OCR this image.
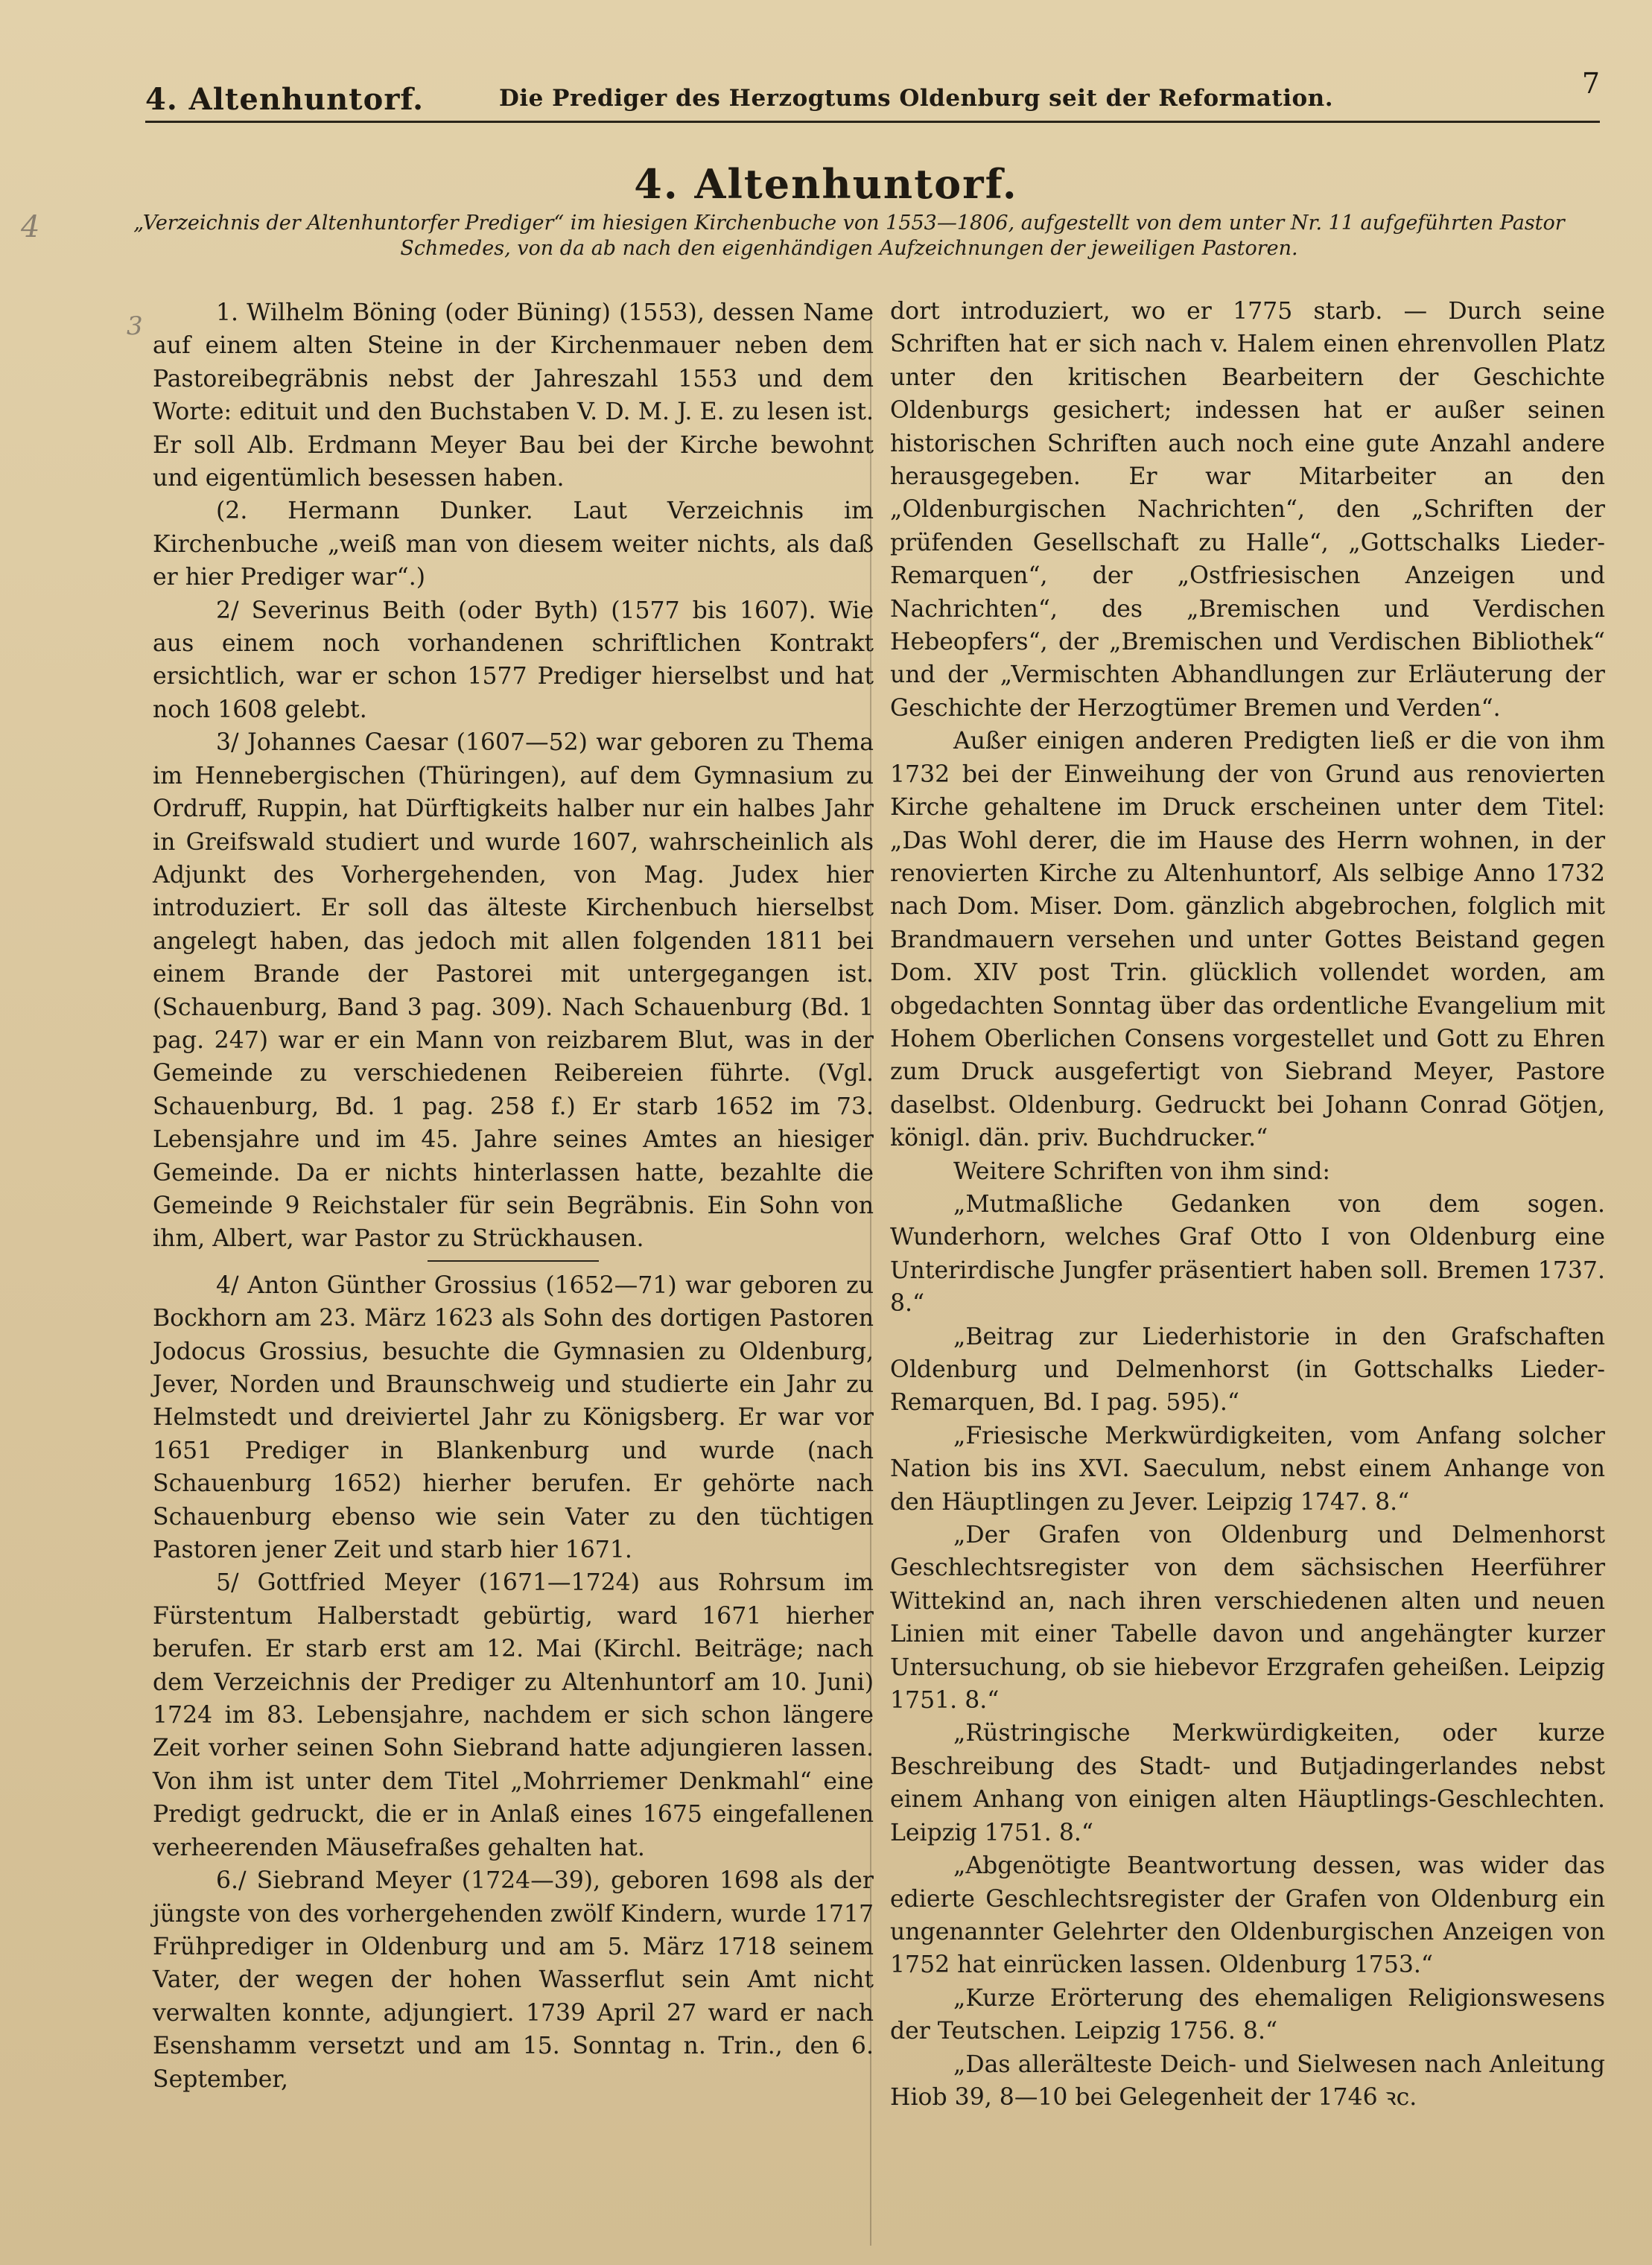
4. Altenhuntorf.	Die Prediger des Herzogtums Oldenburg seit der Reformation.	7
4. Altenhuntorf.
„Verzeichnis der Altenhuntorfer Prediger“ im hiesigen Kirchenbuche von 1553—1806, aufgestellt von dem unter Nr. 11 aufgeführten Pastor Schmedes, von da ab nach den eigenhändigen Aufzeichnungen der jeweiligen Pastoren.
4
3	1. Wilhelm Böning (oder Büning) (1553), dessen Name auf einem alten Steine in der Kirchenmauer neben dem Pastoreibegräbnis nebst der Jahreszahl 1553 und dem Worte: edituit und den Buchstaben V. D. M. J. E. zu lesen ist. Er soll Alb. Erdmann Meyer Bau bei der Kirche bewohnt und eigentümlich besessen haben.

(2. Hermann Dunker. Laut Verzeichnis im Kirchenbuche „weiß man von diesem weiter nichts, als daß er hier Prediger war“.)

2/ Severinus Beith (oder Byth) (1577 bis 1607). Wie aus einem noch vorhandenen schriftlichen Kontrakt ersichtlich, war er schon 1577 Prediger hierselbst und hat noch 1608 gelebt.

3/ Johannes Caesar (1607—52) war geboren zu Thema im Hennebergischen (Thüringen), auf dem Gymnasium zu Ordruff, Ruppin, hat Dürftigkeits halber nur ein halbes Jahr in Greifswald studiert und wurde 1607, wahrscheinlich als Adjunkt des Vorhergehenden, von Mag. Judex hier introduziert. Er soll das älteste Kirchenbuch hierselbst angelegt haben, das jedoch mit allen folgenden 1811 bei einem Brande der Pastorei mit untergegangen ist. (Schauenburg, Band 3 pag. 309). Nach Schauenburg (Bd. 1 pag. 247) war er ein Mann von reizbarem Blut, was in der Gemeinde zu verschiedenen Reibereien führte. (Vgl. Schauenburg, Bd. 1 pag. 258 f.) Er starb 1652 im 73. Lebensjahre und im 45. Jahre seines Amtes an hiesiger Gemeinde. Da er nichts hinterlassen hatte, bezahlte die Gemeinde 9 Reichstaler für sein Begräbnis. Ein Sohn von ihm, Albert, war Pastor zu Strückhausen.

4/ Anton Günther Grossius (1652—71) war geboren zu Bockhorn am 23. März 1623 als Sohn des dortigen Pastoren Jodocus Grossius, besuchte die Gymnasien zu Oldenburg, Jever, Norden und Braunschweig und studierte ein Jahr zu Helmstedt und dreiviertel Jahr zu Königsberg. Er war vor 1651 Prediger in Blankenburg und wurde (nach Schauenburg 1652) hierher berufen. Er gehörte nach Schauenburg ebenso wie sein Vater zu den tüchtigen Pastoren jener Zeit und starb hier 1671.

5/ Gottfried Meyer (1671—1724) aus Rohrsum im Fürstentum Halberstadt gebürtig, ward 1671 hierher berufen. Er starb erst am 12. Mai (Kirchl. Beiträge; nach dem Verzeichnis der Prediger zu Altenhuntorf am 10. Juni) 1724 im 83. Lebensjahre, nachdem er sich schon längere Zeit vorher seinen Sohn Siebrand hatte adjungieren lassen. Von ihm ist unter dem Titel „Mohrriemer Denkmahl“ eine Predigt gedruckt, die er in Anlaß eines 1675 eingefallenen verheerenden Mäusefraßes gehalten hat.

6./ Siebrand Meyer (1724—39), geboren 1698 als der jüngste von des vorhergehenden zwölf Kindern, wurde 1717 Frühprediger in Oldenburg und am 5. März 1718 seinem Vater, der wegen der hohen Wasserflut sein Amt nicht verwalten konnte, adjungiert. 1739 April 27 ward er nach Esenshamm versetzt und am 15. Sonntag n. Trin., den 6. September,

dort introduziert, wo er 1775 starb. — Durch seine Schriften hat er sich nach v. Halem einen ehrenvollen Platz unter den kritischen Bearbeitern der Geschichte Oldenburgs gesichert; indessen hat er außer seinen historischen Schriften auch noch eine gute Anzahl andere herausgegeben. Er war Mitarbeiter an den „Oldenburgischen Nachrichten“, den „Schriften der prüfenden Gesellschaft zu Halle“, „Gottschalks Lieder-Remarquen“, der „Ostfriesischen Anzeigen und Nachrichten“, des „Bremischen und Verdischen Hebeopfers“, der „Bremischen und Verdischen Bibliothek“ und der „Vermischten Abhandlungen zur Erläuterung der Geschichte der Herzogtümer Bremen und Verden“.

Außer einigen anderen Predigten ließ er die von ihm 1732 bei der Einweihung der von Grund aus renovierten Kirche gehaltene im Druck erscheinen unter dem Titel: „Das Wohl derer, die im Hause des Herrn wohnen, in der renovierten Kirche zu Altenhuntorf, Als selbige Anno 1732 nach Dom. Miser. Dom. gänzlich abgebrochen, folglich mit Brandmauern versehen und unter Gottes Beistand gegen Dom. XIV post Trin. glücklich vollendet worden, am obgedachten Sonntag über das ordentliche Evangelium mit Hohem Oberlichen Consens vorgestellet und Gott zu Ehren zum Druck ausgefertigt von Siebrand Meyer, Pastore daselbst. Oldenburg. Gedruckt bei Johann Conrad Götjen, königl. dän. priv. Buchdrucker.“

Weitere Schriften von ihm sind:

„Mutmaßliche Gedanken von dem sogen. Wunderhorn, welches Graf Otto I von Oldenburg eine Unterirdische Jungfer präsentiert haben soll. Bremen 1737. 8.“

„Beitrag zur Liederhistorie in den Grafschaften Oldenburg und Delmenhorst (in Gottschalks Lieder-Remarquen, Bd. I pag. 595).“

„Friesische Merkwürdigkeiten, vom Anfang solcher Nation bis ins XVI. Saeculum, nebst einem Anhange von den Häuptlingen zu Jever. Leipzig 1747. 8.“

„Der Grafen von Oldenburg und Delmenhorst Geschlechtsregister von dem sächsischen Heerführer Wittekind an, nach ihren verschiedenen alten und neuen Linien mit einer Tabelle davon und angehängter kurzer Untersuchung, ob sie hiebevor Erzgrafen geheißen. Leipzig 1751. 8.“

„Rüstringische Merkwürdigkeiten, oder kurze Beschreibung des Stadt- und Butjadingerlandes nebst einem Anhang von einigen alten Häuptlings-Geschlechten. Leipzig 1751. 8.“

„Abgenötigte Beantwortung dessen, was wider das edierte Geschlechtsregister der Grafen von Oldenburg ein ungenannter Gelehrter den Oldenburgischen Anzeigen von 1752 hat einrücken lassen. Oldenburg 1753.“

„Kurze Erörterung des ehemaligen Religionswesens der Teutschen. Leipzig 1756. 8.“

„Das allerälteste Deich- und Sielwesen nach Anleitung Hiob 39, 8—10 bei Gelegenheit der 1746 ꝛc.
